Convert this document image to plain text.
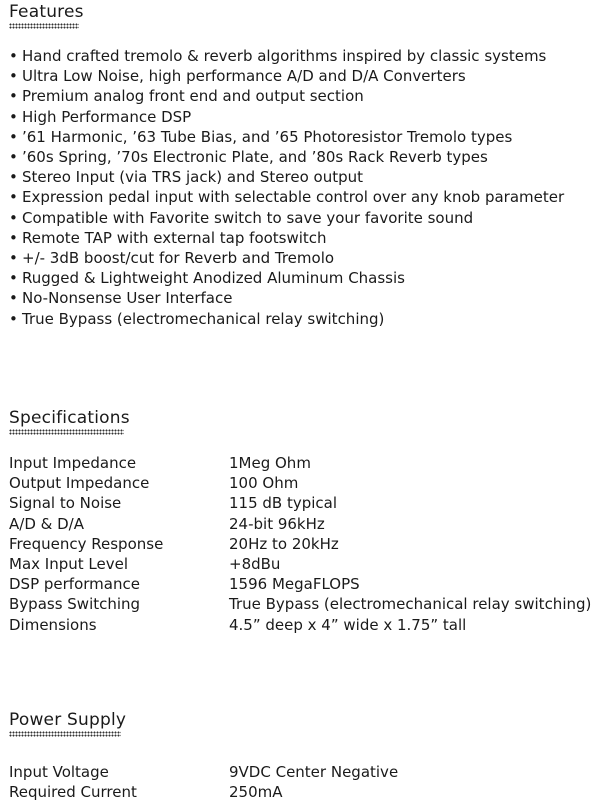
Features
• Hand crafted tremolo & reverb algorithms inspired by classic systems
• Ultra Low Noise, high performance A/D and D/A Converters
• Premium analog front end and output section
• High Performance DSP
• ’61 Harmonic, ’63 Tube Bias, and ’65 Photoresistor Tremolo types
• ’60s Spring, ’70s Electronic Plate, and ’80s Rack Reverb types
• Stereo Input (via TRS jack) and Stereo output
• Expression pedal input with selectable control over any knob parameter
• Compatible with Favorite switch to save your favorite sound
• Remote TAP with external tap footswitch
• +/- 3dB boost/cut for Reverb and Tremolo
• Rugged & Lightweight Anodized Aluminum Chassis
• No-Nonsense User Interface
• True Bypass (electromechanical relay switching)
Specifications
Input Impedance	1Meg Ohm
Output Impedance	100 Ohm
Signal to Noise	115 dB typical
A/D & D/A	24-bit 96kHz
Frequency Response	20Hz to 20kHz
Max Input Level	+8dBu
DSP performance	1596 MegaFLOPS
Bypass Switching	True Bypass (electromechanical relay switching)
Dimensions	4.5” deep x 4” wide x 1.75” tall
Power Supply
Input Voltage	9VDC Center Negative
Required Current	250mA
